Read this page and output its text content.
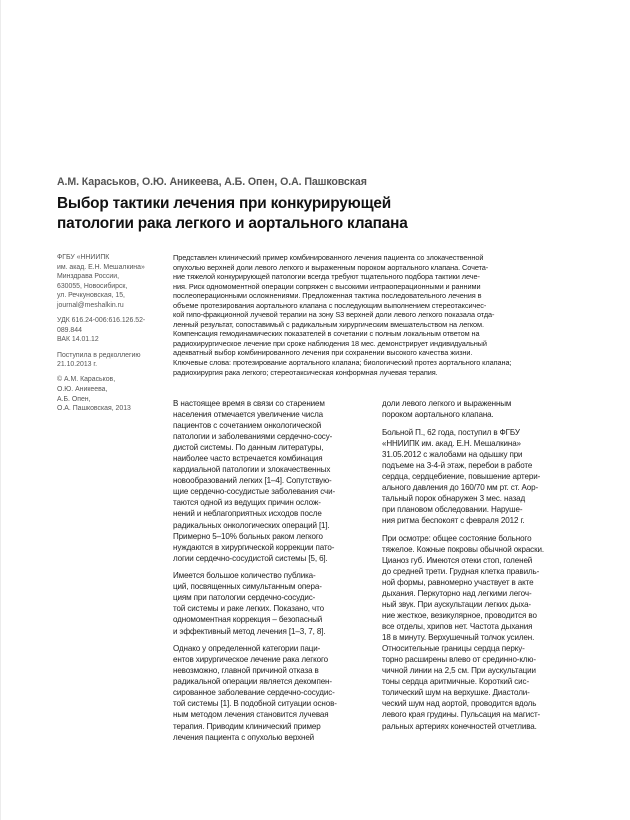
А.М. Караськов, О.Ю. Аникеева, А.Б. Опен, О.А. Пашковская
Выбор тактики лечения при конкурирующей
патологии рака легкого и аортального клапана
ФГБУ «ННИИПК
им. акад. Е.Н. Мешалкина»
Минздрава России,
630055, Новосибирск,
ул. Речкуновская, 15,
journal@meshalkin.ru
УДК 616.24-006:616.126.52-
089.844
ВАК 14.01.12
Поступила в редколлегию
21.10.2013 г.
© А.М. Караськов,
О.Ю. Аникеева,
А.Б. Опен,
О.А. Пашковская, 2013
Представлен клинический пример комбинированного лечения пациента со злокачественной
опухолью верхней доли левого легкого и выраженным пороком аортального клапана. Сочета-
ние тяжелой конкурирующей патологии всегда требуют тщательного подбора тактики лече-
ния. Риск одномоментной операции сопряжен с высокими интраоперационными и ранними
послеоперационными осложнениями. Предложенная тактика последовательного лечения в
объеме протезирования аортального клапана с последующим выполнением стереотаксичес-
кой гипо-фракционной лучевой терапии на зону S3 верхней доли левого легкого показала отда-
ленный результат, сопоставимый с радикальным хирургическим вмешательством на легком.
Компенсация гемодинамических показателей в сочетании с полным локальным ответом на
радиохирургическое лечение при сроке наблюдения 18 мес. демонстрирует индивидуальный
адекватный выбор комбинированного лечения при сохранении высокого качества жизни.
Ключевые слова: протезирование аортального клапана; биологический протез аортального клапана;
радиохирургия рака легкого; стереотаксическая конформная лучевая терапия.
В настоящее время в связи со старением
населения отмечается увеличение числа
пациентов с сочетанием онкологической
патологии и заболеваниями сердечно-сосу-
дистой системы. По данным литературы,
наиболее часто встречается комбинация
кардиальной патологии и злокачественных
новообразований легких [1–4]. Сопутствую-
щие сердечно-сосудистые заболевания счи-
таются одной из ведущих причин ослож-
нений и неблагоприятных исходов после
радикальных онкологических операций [1].
Примерно 5–10% больных раком легкого
нуждаются в хирургической коррекции пато-
логии сердечно-сосудистой системы [5, 6].
Имеется большое количество публика-
ций, посвященных симультанным опера-
циям при патологии сердечно-сосудис-
той системы и раке легких. Показано, что
одномоментная коррекция – безопасный
и эффективный метод лечения [1–3, 7, 8].
Однако у определенной категории паци-
ентов хирургическое лечение рака легкого
невозможно, главной причиной отказа в
радикальной операции является декомпен-
сированное заболевание сердечно-сосудис-
той системы [1]. В подобной ситуации основ-
ным методом лечения становится лучевая
терапия. Приводим клинический пример
лечения пациента с опухолью верхней
доли левого легкого и выраженным
пороком аортального клапана.
Больной П., 62 года, поступил в ФГБУ
«ННИИПК им. акад. Е.Н. Мешалкина»
31.05.2012 с жалобами на одышку при
подъеме на 3-4-й этаж, перебои в работе
сердца, сердцебиение, повышение артери-
ального давления до 160/70 мм рт. ст. Аор-
тальный порок обнаружен 3 мес. назад
при плановом обследовании. Наруше-
ния ритма беспокоят с февраля 2012 г.
При осмотре: общее состояние больного
тяжелое. Кожные покровы обычной окраски.
Цианоз губ. Имеются отеки стоп, голеней
до средней трети. Грудная клетка правиль-
ной формы, равномерно участвует в акте
дыхания. Перкуторно над легкими легоч-
ный звук. При аускультации легких дыха-
ние жесткое, везикулярное, проводится во
все отделы, хрипов нет. Частота дыхания
18 в минуту. Верхушечный толчок усилен.
Относительные границы сердца перку-
торно расширены влево от срединно-клю-
чичной линии на 2,5 см. При аускультации
тоны сердца аритмичные. Короткий сис-
толический шум на верхушке. Диастоли-
ческий шум над аортой, проводится вдоль
левого края грудины. Пульсация на магист-
ральных артериях конечностей отчетлива.
